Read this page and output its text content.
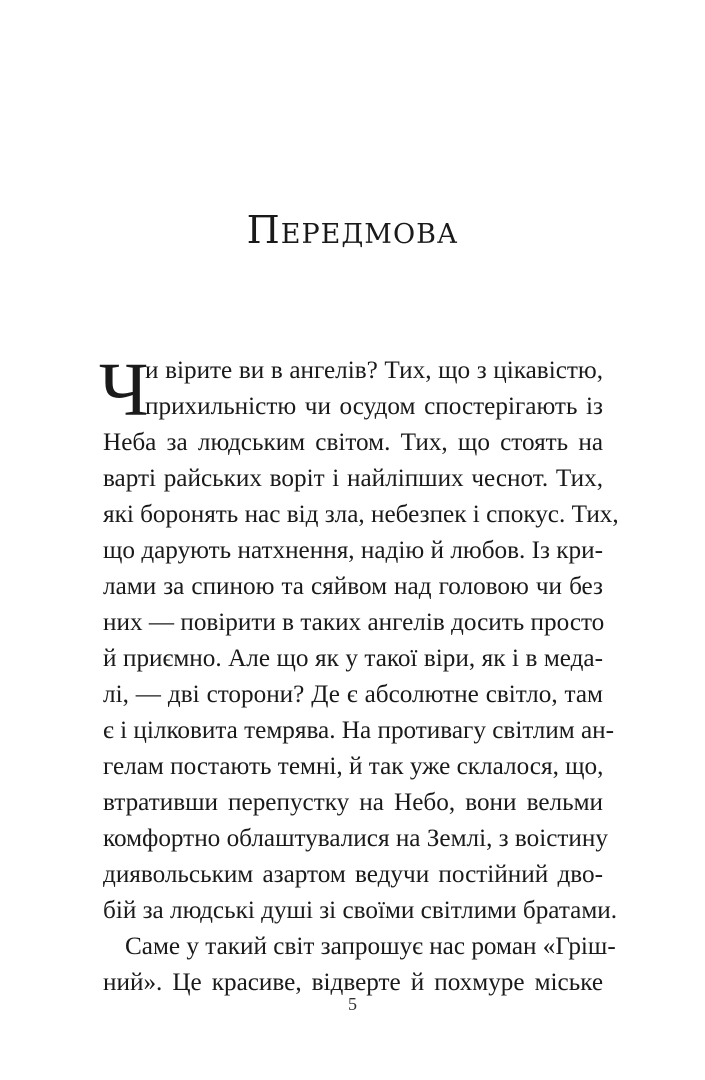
Передмова
Ч
и вірите ви в ангелів? Тих, що з цікавістю,
прихильністю чи осудом спостерігають із
Неба за людським світом. Тих, що стоять на
варті райських воріт і найліпших чеснот. Тих,
які боронять нас від зла, небезпек і спокус. Тих,
що дарують натхнення, надію й любов. Із кри-
лами за спиною та сяйвом над головою чи без
них — повірити в таких ангелів досить просто
й приємно. Але що як у такої віри, як і в меда-
лі, — дві сторони? Де є абсолютне світло, там
є і цілковита темрява. На противагу світлим ан-
гелам постають темні, й так уже склалося, що,
втративши перепустку на Небо, вони вельми
комфортно облаштувалися на Землі, з воістину
диявольським азартом ведучи постійний дво-
бій за людські душі зі своїми світлими братами.
Саме у такий світ запрошує нас роман «Гріш-
ний». Це красиве, відверте й похмуре міське
5
